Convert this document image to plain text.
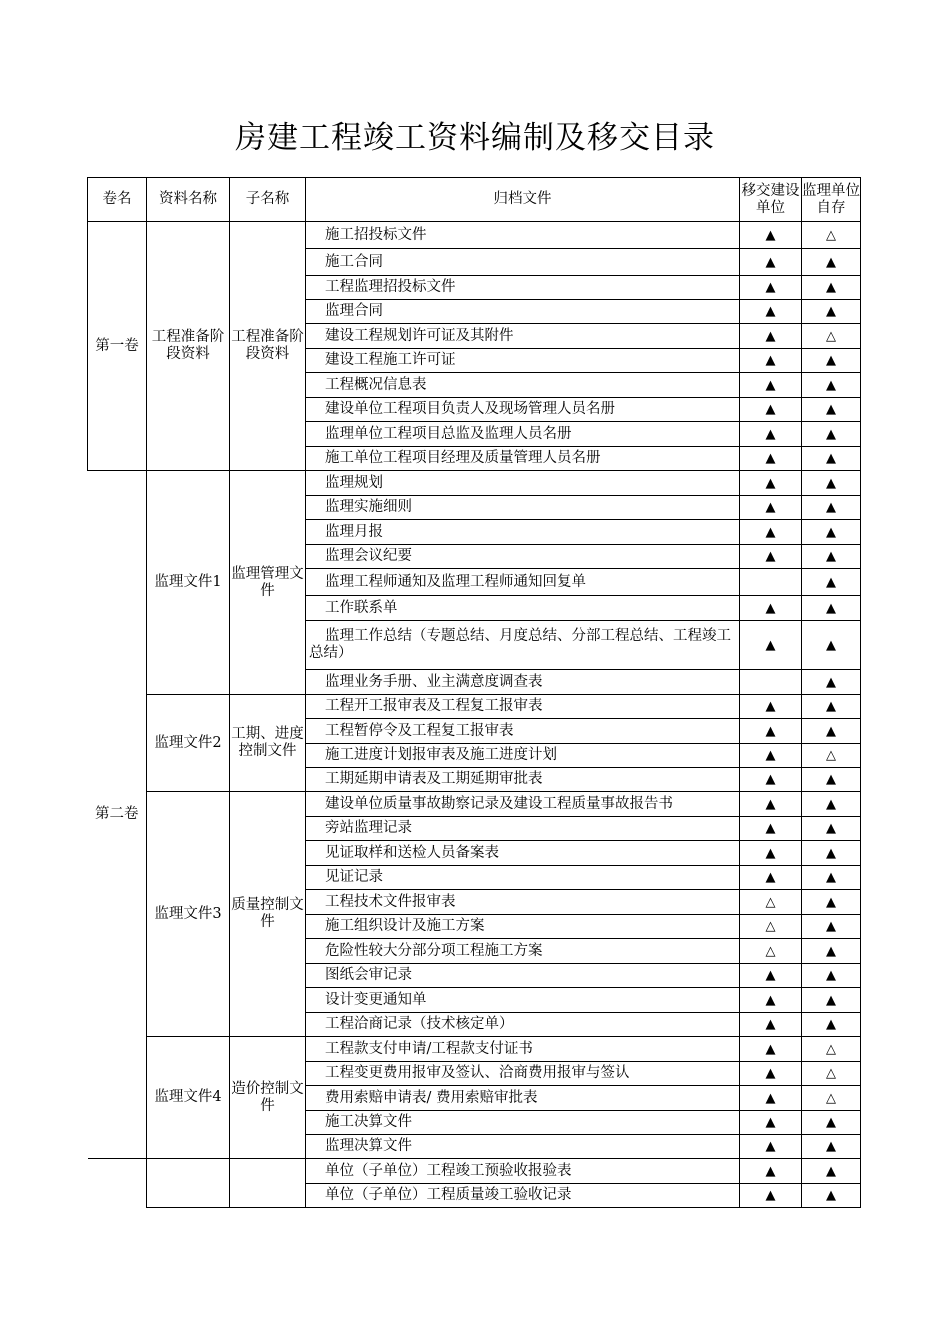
房建工程竣工资料编制及移交目录
卷名	资料名称	子名称	归档文件	移交建设单位	监理单位自存
第一卷	工程准备阶段资料	工程准备阶段资料	施工招投标文件	▲	△
			施工合同	▲	▲
			工程监理招投标文件	▲	▲
			监理合同	▲	▲
			建设工程规划许可证及其附件	▲	△
			建设工程施工许可证	▲	▲
			工程概况信息表	▲	▲
			建设单位工程项目负责人及现场管理人员名册	▲	▲
			监理单位工程项目总监及监理人员名册	▲	▲
			施工单位工程项目经理及质量管理人员名册	▲	▲
第二卷	监理文件1	监理管理文件	监理规划	▲	▲
			监理实施细则	▲	▲
			监理月报	▲	▲
			监理会议纪要	▲	▲
			监理工程师通知及监理工程师通知回复单		▲
			工作联系单	▲	▲
			监理工作总结（专题总结、月度总结、分部工程总结、工程竣工总结）	▲	▲
			监理业务手册、业主满意度调查表		▲
	监理文件2	工期、进度控制文件	工程开工报审表及工程复工报审表	▲	▲
			工程暂停令及工程复工报审表	▲	▲
			施工进度计划报审表及施工进度计划	▲	△
			工期延期申请表及工期延期审批表	▲	▲
	监理文件3	质量控制文件	建设单位质量事故勘察记录及建设工程质量事故报告书	▲	▲
			旁站监理记录	▲	▲
			见证取样和送检人员备案表	▲	▲
			见证记录	▲	▲
			工程技术文件报审表	△	▲
			施工组织设计及施工方案	△	▲
			危险性较大分部分项工程施工方案	△	▲
			图纸会审记录	▲	▲
			设计变更通知单	▲	▲
			工程洽商记录（技术核定单）	▲	▲
	监理文件4	造价控制文件	工程款支付申请/工程款支付证书	▲	△
			工程变更费用报审及签认、洽商费用报审与签认	▲	△
			费用索赔申请表/ 费用索赔审批表	▲	△
			施工决算文件	▲	▲
			监理决算文件	▲	▲
			单位（子单位）工程竣工预验收报验表	▲	▲
			单位（子单位）工程质量竣工验收记录	▲	▲
